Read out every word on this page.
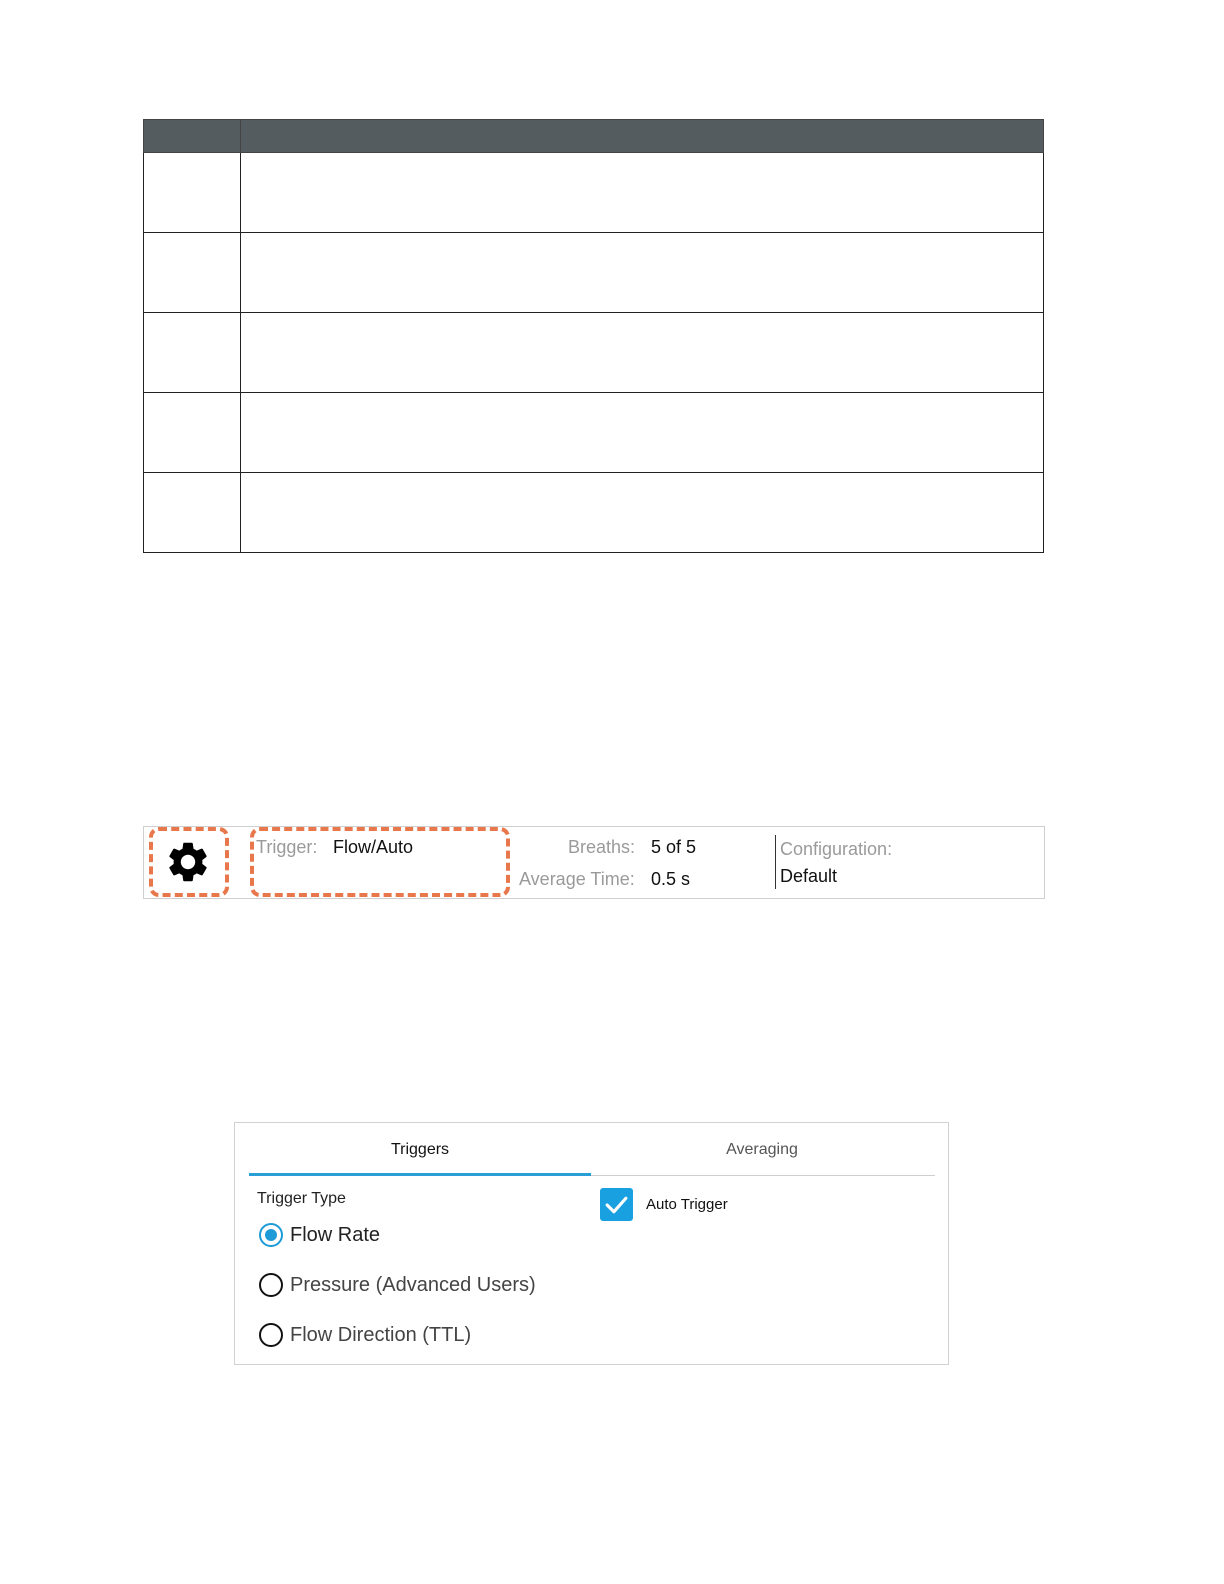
Trigger: Flow/Auto	Breaths: 5 of 5
Average Time: 0.5 s
Configuration:
Default
Triggers	Averaging
Trigger Type
Flow Rate
Pressure (Advanced Users)
Flow Direction (TTL)
Auto Trigger
